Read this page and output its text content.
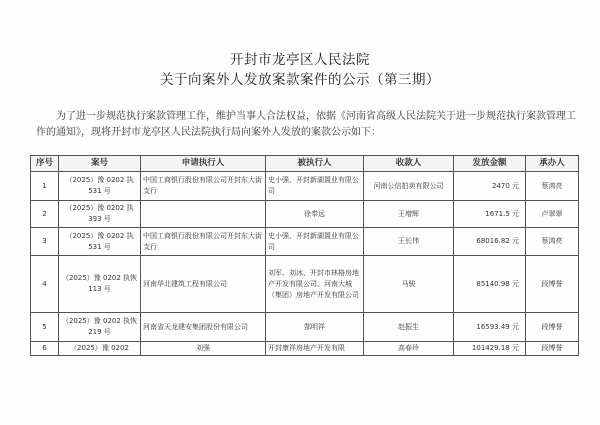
开封市龙亭区人民法院
关于向案外人发放案款案件的公示（第三期）
为了进一步规范执行案款管理工作，维护当事人合法权益，依据《河南省高级人民法院关于进一步规范执行案款管理工作的通知》，现将开封市龙亭区人民法院执行局向案外人发放的案款公示如下：
序号	案号	申请执行人	被执行人	收款人	发放金额	承办人
1	（2025）豫 0202 执 531 号	中国工商银行股份有限公司开封东大街支行	史小强、开封新湖置业有限公司	河南公信拍卖有限公司	2470 元	蔡鸿亮
2	（2025）豫 0202 执 393 号		徐奉远	王增辉	1671.5 元	卢翠翠
3	（2025）豫 0202 执 531 号	中国工商银行股份有限公司开封东大街支行	史小强、开封新湖置业有限公司	王长伟	68016.82 元	蔡鸿亮
4	（2025）豫 0202 执恢 113 号	河南华北建筑工程有限公司	刘军、刘冰、开封市林格房地产开发有限公司、河南大城（集团）房地产开发有限公司	马骏	85140.98 元	段博誉
5	（2025）豫 0202 执恢 219 号	河南省天龙建安集团股份有限公司	郜明祥	赵振生	16593.49 元	段博誉
6	（2025）豫 0202	刘强	开封康祥房地产开发有限	高春玲	101429.18 元	段博誉
